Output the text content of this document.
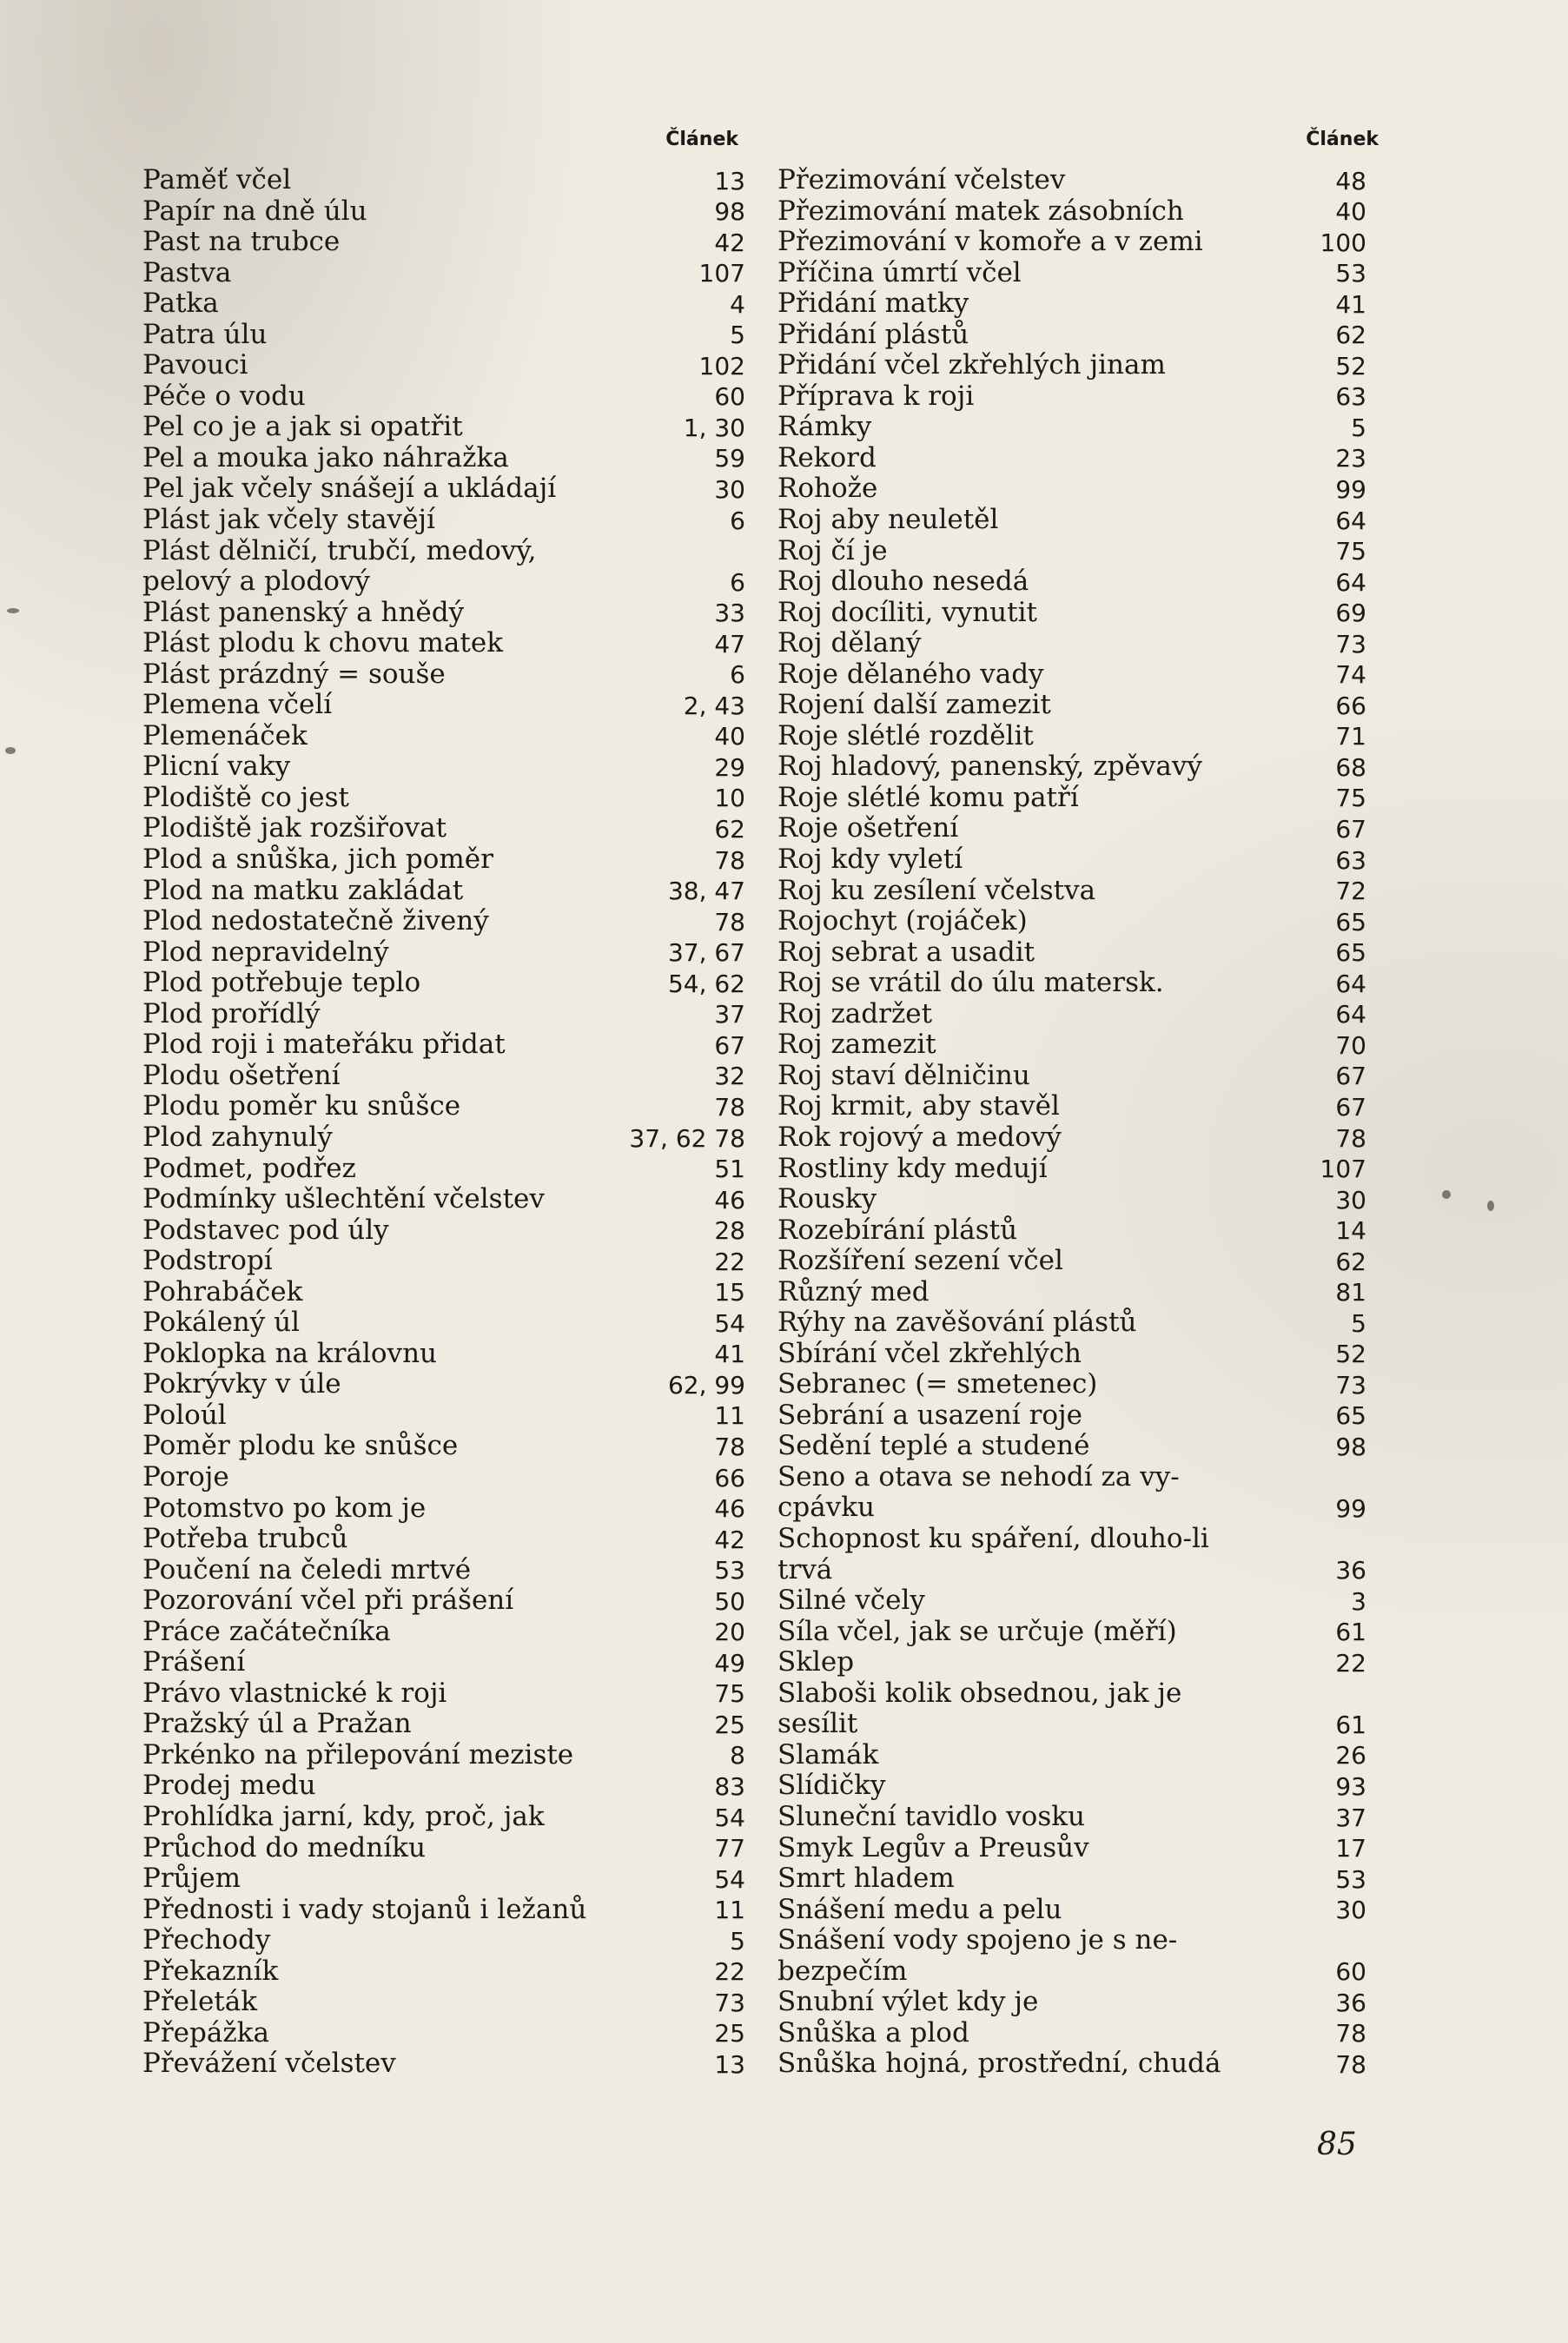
Článek
Paměť včel	13
Papír na dně úlu	98
Past na trubce	42
Pastva	107
Patka	4
Patra úlu	5
Pavouci	102
Péče o vodu	60
Pel co je a jak si opatřit	1, 30
Pel a mouka jako náhražka	59
Pel jak včely snášejí a ukládají	30
Plást jak včely stavějí	6
Plást dělničí, trubčí, medový,
pelový a plodový	6
Plást panenský a hnědý	33
Plást plodu k chovu matek	47
Plást prázdný = souše	6
Plemena včelí	2, 43
Plemenáček	40
Plicní vaky	29
Plodiště co jest	10
Plodiště jak rozšiřovat	62
Plod a snůška, jich poměr	78
Plod na matku zakládat	38, 47
Plod nedostatečně živený	78
Plod nepravidelný	37, 67
Plod potřebuje teplo	54, 62
Plod prořídlý	37
Plod roji i mateřáku přidat	67
Plodu ošetření	32
Plodu poměr ku snůšce	78
Plod zahynulý	37, 62 78
Podmet, podřez	51
Podmínky ušlechtění včelstev	46
Podstavec pod úly	28
Podstropí	22
Pohrabáček	15
Pokálený úl	54
Poklopka na královnu	41
Pokrývky v úle	62, 99
Poloúl	11
Poměr plodu ke snůšce	78
Poroje	66
Potomstvo po kom je	46
Potřeba trubců	42
Poučení na čeledi mrtvé	53
Pozorování včel při prášení	50
Práce začátečníka	20
Prášení	49
Právo vlastnické k roji	75
Pražský úl a Pražan	25
Prkénko na přilepování meziste	8
Prodej medu	83
Prohlídka jarní, kdy, proč, jak	54
Průchod do medníku	77
Průjem	54
Přednosti i vady stojanů i ležanů	11
Přechody	5
Překazník	22
Přeleták	73
Přepážka	25
Převážení včelstev	13
Článek
Přezimování včelstev	48
Přezimování matek zásobních	40
Přezimování v komoře a v zemi	100
Příčina úmrtí včel	53
Přidání matky	41
Přidání plástů	62
Přidání včel zkřehlých jinam	52
Příprava k roji	63
Rámky	5
Rekord	23
Rohože	99
Roj aby neuletěl	64
Roj čí je	75
Roj dlouho nesedá	64
Roj docíliti, vynutit	69
Roj dělaný	73
Roje dělaného vady	74
Rojení další zamezit	66
Roje slétlé rozdělit	71
Roj hladový, panenský, zpěvavý	68
Roje slétlé komu patří	75
Roje ošetření	67
Roj kdy vyletí	63
Roj ku zesílení včelstva	72
Rojochyt (rojáček)	65
Roj sebrat a usadit	65
Roj se vrátil do úlu matersk.	64
Roj zadržet	64
Roj zamezit	70
Roj staví dělničinu	67
Roj krmit, aby stavěl	67
Rok rojový a medový	78
Rostliny kdy medují	107
Rousky	30
Rozebírání plástů	14
Rozšíření sezení včel	62
Různý med	81
Rýhy na zavěšování plástů	5
Sbírání včel zkřehlých	52
Sebranec (= smetenec)	73
Sebrání a usazení roje	65
Sedění teplé a studené	98
Seno a otava se nehodí za vy-
cpávku	99
Schopnost ku spáření, dlouho-li
trvá	36
Silné včely	3
Síla včel, jak se určuje (měří)	61
Sklep	22
Slaboši kolik obsednou, jak je
sesílit	61
Slamák	26
Slídičky	93
Sluneční tavidlo vosku	37
Smyk Legův a Preusův	17
Smrt hladem	53
Snášení medu a pelu	30
Snášení vody spojeno je s ne-
bezpečím	60
Snubní výlet kdy je	36
Snůška a plod	78
Snůška hojná, prostřední, chudá	78
85
